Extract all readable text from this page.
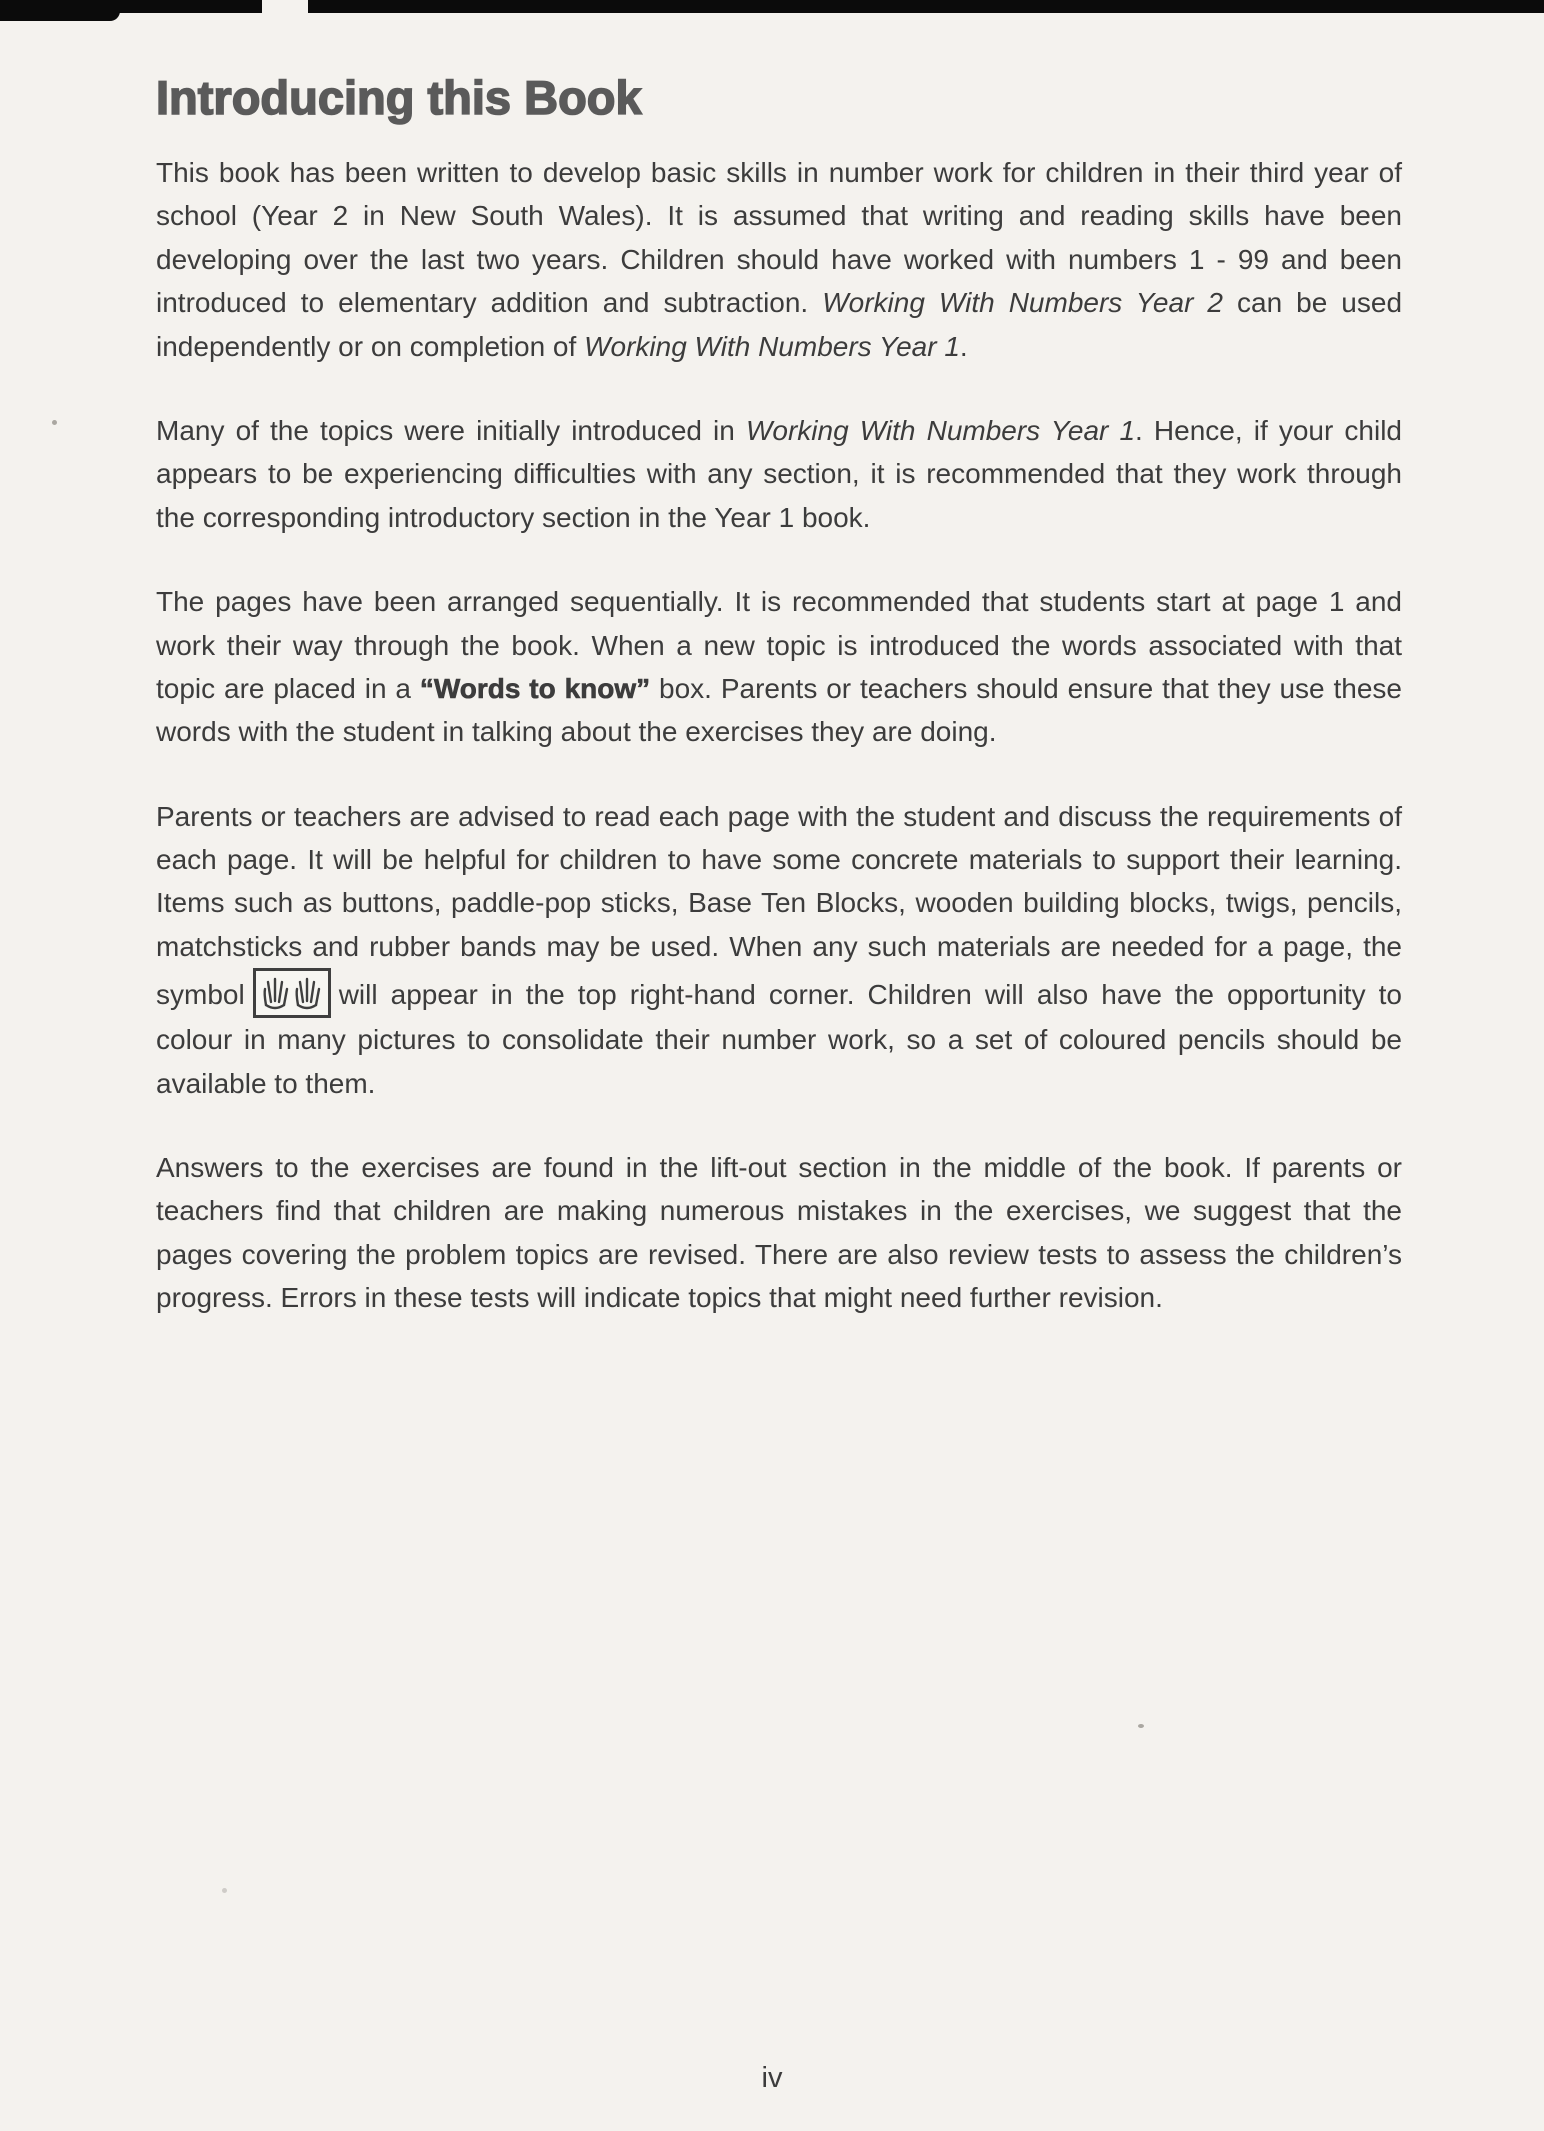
Introducing this Book

This book has been written to develop basic skills in number work for children in their third year of school (Year 2 in New South Wales). It is assumed that writing and reading skills have been developing over the last two years. Children should have worked with numbers 1 - 99 and been introduced to elementary addition and subtraction. Working With Numbers Year 2 can be used independently or on completion of Working With Numbers Year 1.

Many of the topics were initially introduced in Working With Numbers Year 1. Hence, if your child appears to be experiencing difficulties with any section, it is recommended that they work through the corresponding introductory section in the Year 1 book.

The pages have been arranged sequentially. It is recommended that students start at page 1 and work their way through the book. When a new topic is introduced the words associated with that topic are placed in a “Words to know” box. Parents or teachers should ensure that they use these words with the student in talking about the exercises they are doing.

Parents or teachers are advised to read each page with the student and discuss the requirements of each page. It will be helpful for children to have some concrete materials to support their learning. Items such as buttons, paddle-pop sticks, Base Ten Blocks, wooden building blocks, twigs, pencils, matchsticks and rubber bands may be used. When any such materials are needed for a page, the symbol	will appear in the top right-hand corner. Children will also have the opportunity to colour in many pictures to consolidate their number work, so a set of coloured pencils should be available to them.

Answers to the exercises are found in the lift-out section in the middle of the book. If parents or teachers find that children are making numerous mistakes in the exercises, we suggest that the pages covering the problem topics are revised. There are also review tests to assess the children’s progress. Errors in these tests will indicate topics that might need further revision.

iv
